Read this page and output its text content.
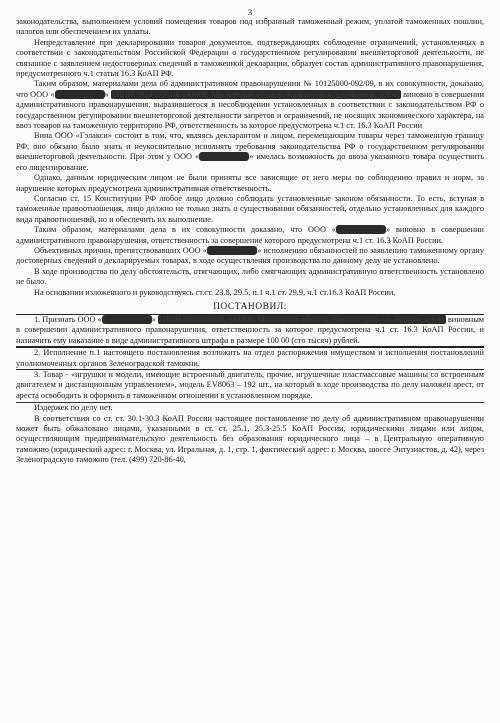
3

законодательства, выполнением условий помещения товаров под избранный таможенный режим, уплатой таможенных пошлин, налогов или обеспечением их уплаты.

Непредставление при декларировании товаров документов, подтверждающих соблюдение ограничений, установленных в соответствии с законодательством Российской Федерации о государственном регулировании внешнеторговой деятельности, не связанное с заявлением недостоверных сведений в таможенной декларации, образует состав административного правонарушения, предусмотренного ч.1 статьи 16.3 КоАП РФ.

Таким образом, материалами дела об административном правонарушении № 10125000-092/09, в их совокупности, доказано, что ООО « Гэлакси » (ИНН 5024092610, 143408, Московская область, Красногорск, ул. Ленина, д.3/4) виновно в совершении административного правонарушения, выразившегося в несоблюдении установленных в соответствии с законодательством РФ о государственном регулировании внешнеторговой деятельности запретов и ограничений, не носящих экономического характера, на ввоз товаров на таможенную территорию РФ, ответственность за которое предусмотрена ч.1 ст. 16.3 КоАП России

Вина ООО «Гэлакси» состоит в том, что, являясь декларантом и лицом, перемещающим товары через таможенную границу РФ, оно обязано было знать и неукоснительно исполнять требования законодательства РФ о государственном регулировании внешнеторговой деятельности. При этом у ООО « Гэлакси » имелась возможность до ввоза указанного товара осуществить его лицензирование.

Однако, данным юридическим лицом не были приняты все зависящие от него меры по соблюдению правил и норм, за нарушение которых предусмотрена административная ответственность.

Согласно ст. 15 Конституции РФ любое лицо должно соблюдать установленные законом обязанности. То есть, вступая в таможенные правоотношения, лицо должно не только знать о существовании обязанностей, отдельно установленных для каждого вида правоотношений, но и обеспечить их выполнение.

Таким образом, материалами дела в их совокупности доказано, что ООО « Гэлакси » виновно в совершении административного правонарушения, ответственность за совершение которого предусмотрена ч.1 ст. 16.3 КоАП России.

Объективных причин, препятствовавших ООО « Гэлакси » исполнению обязанностей по заявлению таможенному органу достоверных сведений о декларируемых товарах, в ходе осуществления производства по данному делу не установлено.

В ходе производства по делу обстоятельств, отягчающих, либо смягчающих административную ответственность установлено не было.

На основании изложенного и руководствуясь ст.ст. 23.8, 29.5, п.1 ч.1 ст. 29.9, ч.1 ст.16.3 КоАП России,

ПОСТАНОВИЛ:

1. Признать ООО « Гэлакси » (ИНН 5024092610, 143408, Московская область, Красногорск, ул. Ленина, д.3/4) виновным в совершении административного правонарушения, ответственность за которое предусмотрена ч.1 ст. 16.3 КоАП России, и назначить ему наказание в виде административного штрафа в размере 100 00 (сто тысяч) рублей.

2. Исполнение п.1 настоящего постановления возложить на отдел распоряжения имуществом и исполнения постановлений уполномоченных органов Зеленоградской таможни.

3. Товар - «игрушки и модели, имеющие встроенный двигатель, прочие, игрушечные пластмассовые машины со встроенным двигателем и дистанционным управлением», модель EV8063 – 192 шт., на который в ходе производства по делу наложен арест, от ареста освободить и оформить в таможенном отношении в установленном порядке.

Издержек по делу нет.

В соответствии со ст. ст. 30.1-30.3 КоАП России настоящее постановление по делу об административном правонарушении может быть обжаловано лицами, указанными в ст. ст. 25.1, 25.3-25.5 КоАП России, юридическими лицами или лицом, осуществляющим предпринимательскую деятельность без образования юридического лица – в Центральную оперативную таможню (юридический адрес: г. Москва, ул. Игральная, д. 1, стр. 1, фактический адрес: г. Москва, шоссе Энтузиастов, д. 42), через Зеленоградскую таможню (тел. (499) 720-86-40,
